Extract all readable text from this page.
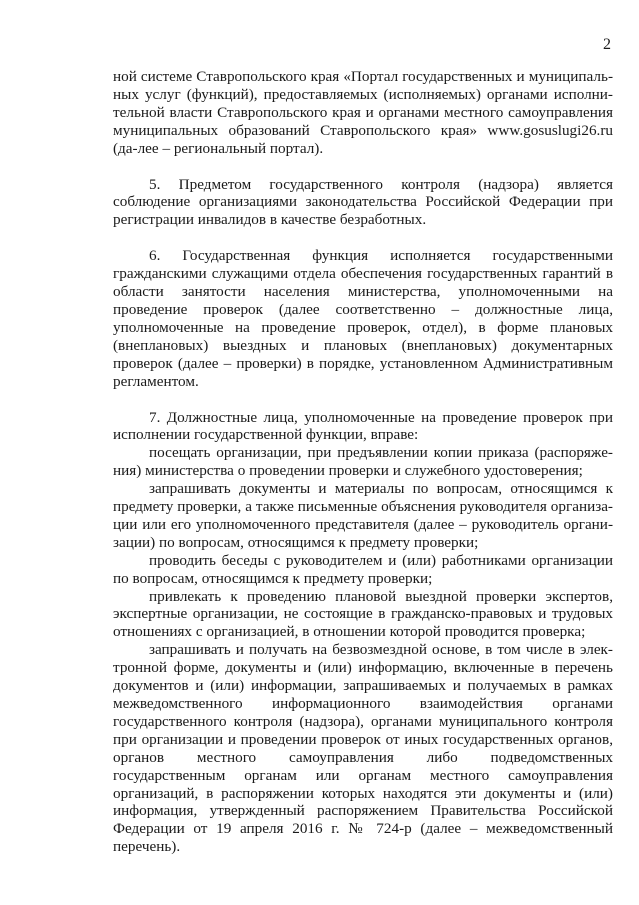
2

ной системе Ставропольского края «Портал государственных и муниципаль-ных услуг (функций), предоставляемых (исполняемых) органами исполни-тельной власти Ставропольского края и органами местного самоуправления муниципальных образований Ставропольского края» www.gosuslugi26.ru (да-лее – региональный портал).

5. Предметом государственного контроля (надзора) является соблюдение организациями законодательства Российской Федерации при регистрации инвалидов в качестве безработных.

6. Государственная функция исполняется государственными гражданскими служащими отдела обеспечения государственных гарантий в области занятости населения министерства, уполномоченными на проведение проверок (далее соответственно – должностные лица, уполномоченные на проведение проверок, отдел), в форме плановых (внеплановых) выездных и плановых (внеплановых) документарных проверок (далее – проверки) в порядке, установленном Административным регламентом.

7. Должностные лица, уполномоченные на проведение проверок при исполнении государственной функции, вправе:

посещать организации, при предъявлении копии приказа (распоряже-ния) министерства о проведении проверки и служебного удостоверения;

запрашивать документы и материалы по вопросам, относящимся к предмету проверки, а также письменные объяснения руководителя организа-ции или его уполномоченного представителя (далее – руководитель органи-зации) по вопросам, относящимся к предмету проверки;

проводить беседы с руководителем и (или) работниками организации по вопросам, относящимся к предмету проверки;

привлекать к проведению плановой выездной проверки экспертов, экспертные организации, не состоящие в гражданско-правовых и трудовых отношениях с организацией, в отношении которой проводится проверка;

запрашивать и получать на безвозмездной основе, в том числе в элек-тронной форме, документы и (или) информацию, включенные в перечень документов и (или) информации, запрашиваемых и получаемых в рамках межведомственного информационного взаимодействия органами государственного контроля (надзора), органами муниципального контроля при организации и проведении проверок от иных государственных органов, органов местного самоуправления либо подведомственных государственным органам или органам местного самоуправления организаций, в распоряжении которых находятся эти документы и (или) информация, утвержденный распоряжением Правительства Российской Федерации от 19 апреля 2016 г. № 724-р (далее – межведомственный перечень).
